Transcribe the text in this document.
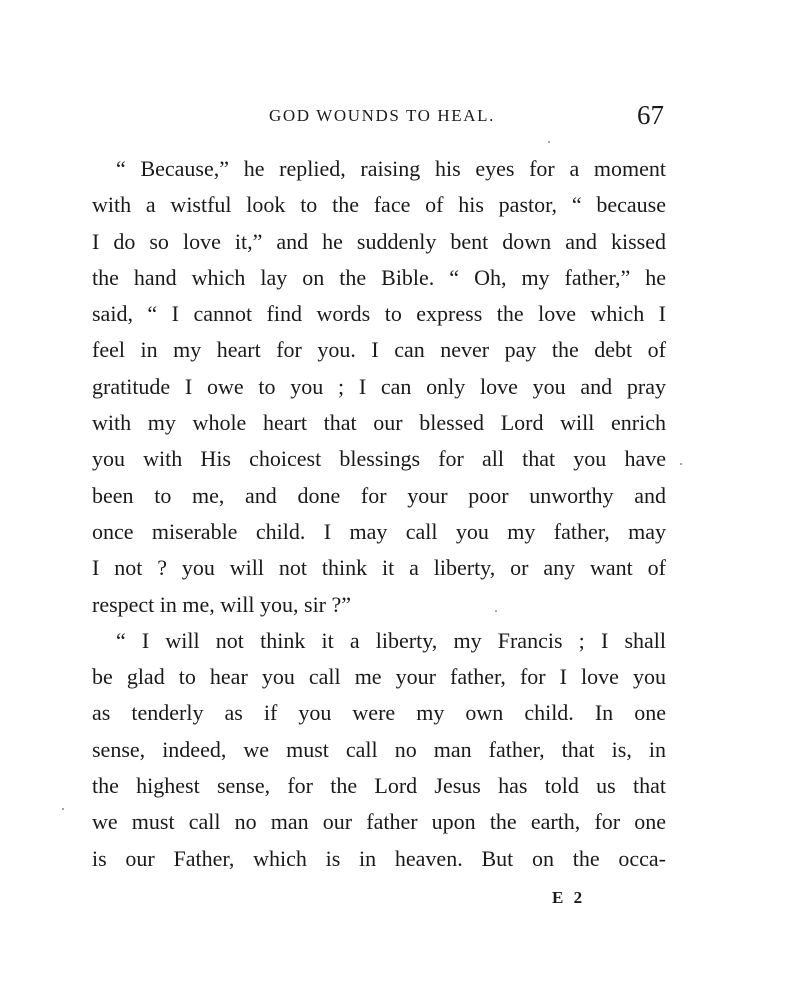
GOD WOUNDS TO HEAL.	67
“ Because,” he replied, raising his eyes for a moment
with a wistful look to the face of his pastor, “ because
I do so love it,” and he suddenly bent down and kissed
the hand which lay on the Bible. “ Oh, my father,” he
said, “ I cannot find words to express the love which I
feel in my heart for you. I can never pay the debt of
gratitude I owe to you ; I can only love you and pray
with my whole heart that our blessed Lord will enrich
you with His choicest blessings for all that you have
been to me, and done for your poor unworthy and
once miserable child. I may call you my father, may
I not ? you will not think it a liberty, or any want of
respect in me, will you, sir ?”
“ I will not think it a liberty, my Francis ; I shall
be glad to hear you call me your father, for I love you
as tenderly as if you were my own child. In one
sense, indeed, we must call no man father, that is, in
the highest sense, for the Lord Jesus has told us that
we must call no man our father upon the earth, for one
is our Father, which is in heaven. But on the occa-
E 2
